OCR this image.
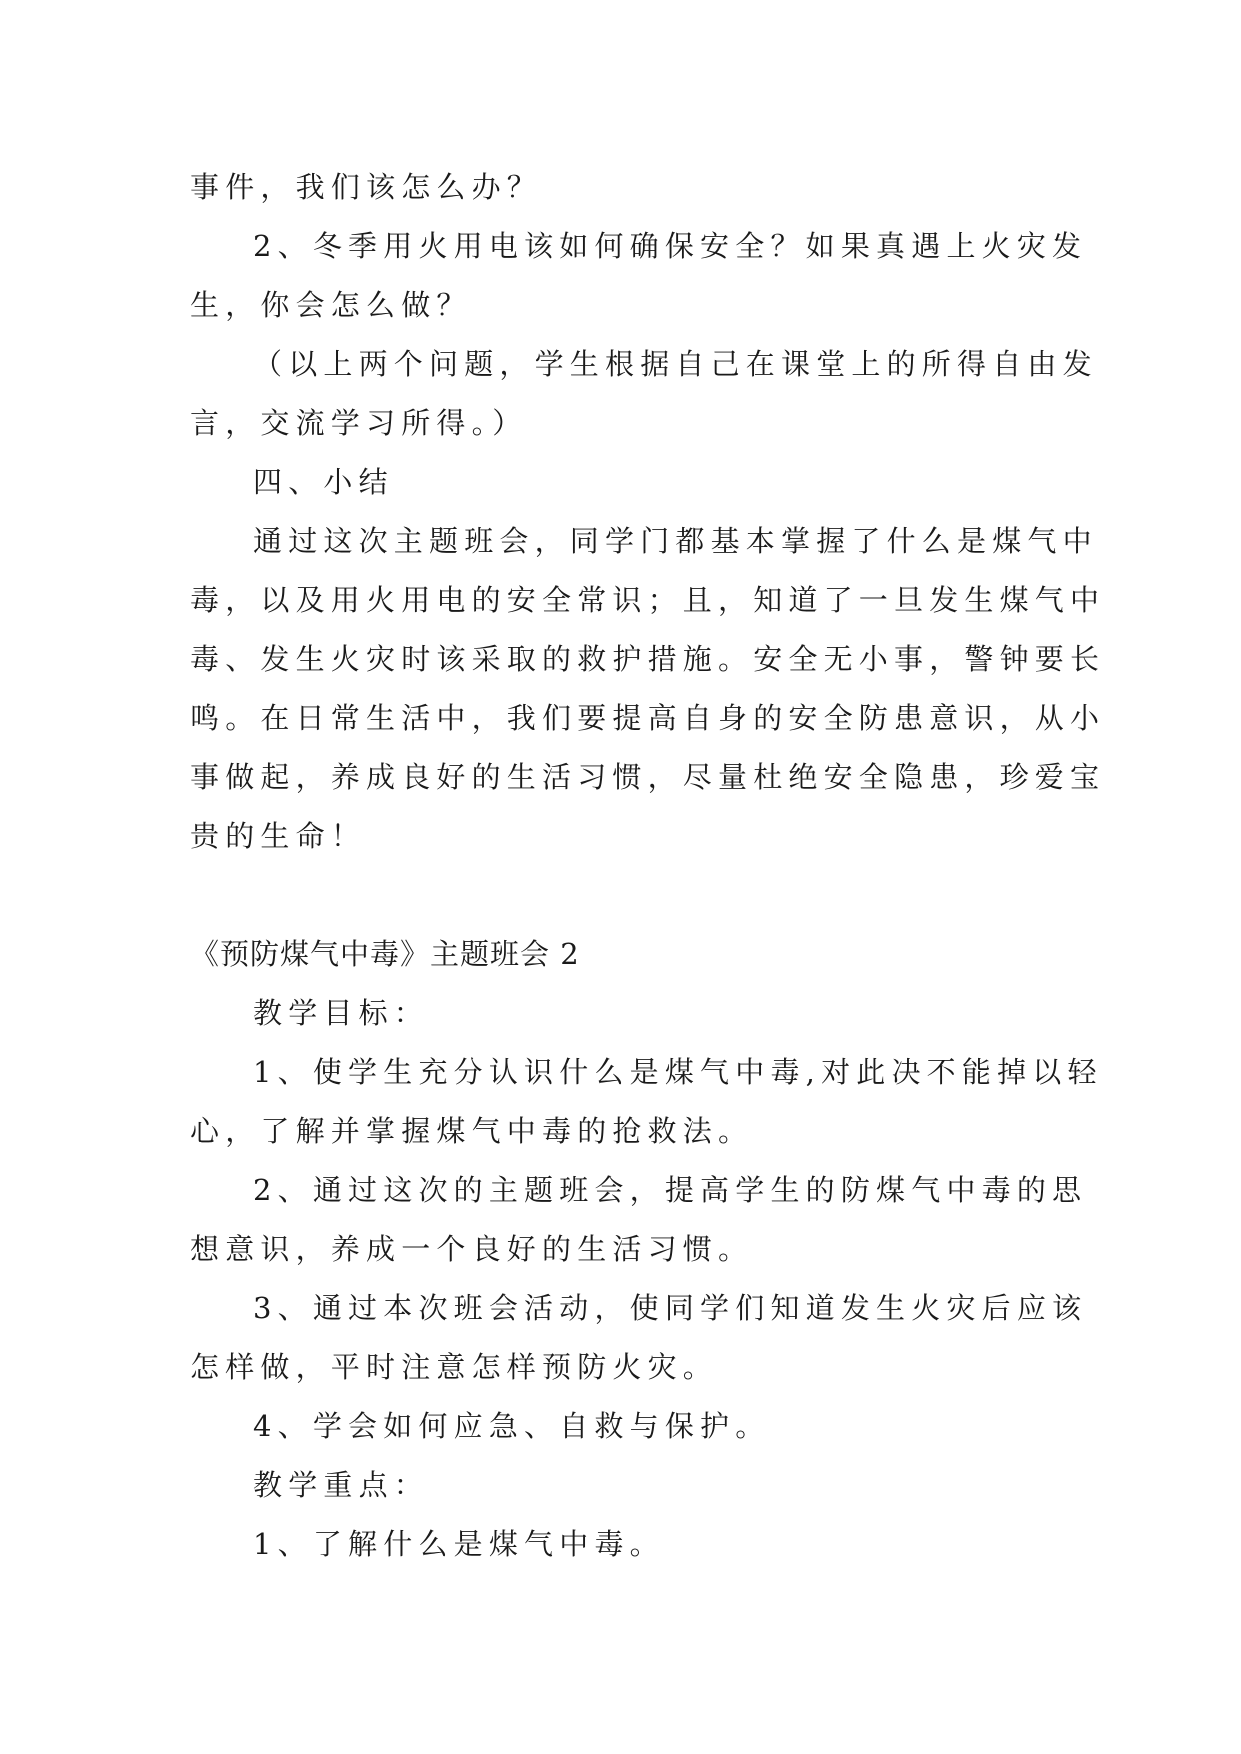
事件，我们该怎么办？
2、冬季用火用电该如何确保安全？如果真遇上火灾发
生，你会怎么做？
（以上两个问题，学生根据自己在课堂上的所得自由发
言，交流学习所得。）
四、小结
通过这次主题班会，同学门都基本掌握了什么是煤气中
毒，以及用火用电的安全常识；且，知道了一旦发生煤气中
毒、发生火灾时该采取的救护措施。安全无小事，警钟要长
鸣。在日常生活中，我们要提高自身的安全防患意识，从小
事做起，养成良好的生活习惯，尽量杜绝安全隐患，珍爱宝
贵的生命！
《预防煤气中毒》主题班会 2
教学目标：
1、使学生充分认识什么是煤气中毒,对此决不能掉以轻
心，了解并掌握煤气中毒的抢救法。
2、通过这次的主题班会，提高学生的防煤气中毒的思
想意识，养成一个良好的生活习惯。
3、通过本次班会活动，使同学们知道发生火灾后应该
怎样做，平时注意怎样预防火灾。
4、学会如何应急、自救与保护。
教学重点：
1、了解什么是煤气中毒。
